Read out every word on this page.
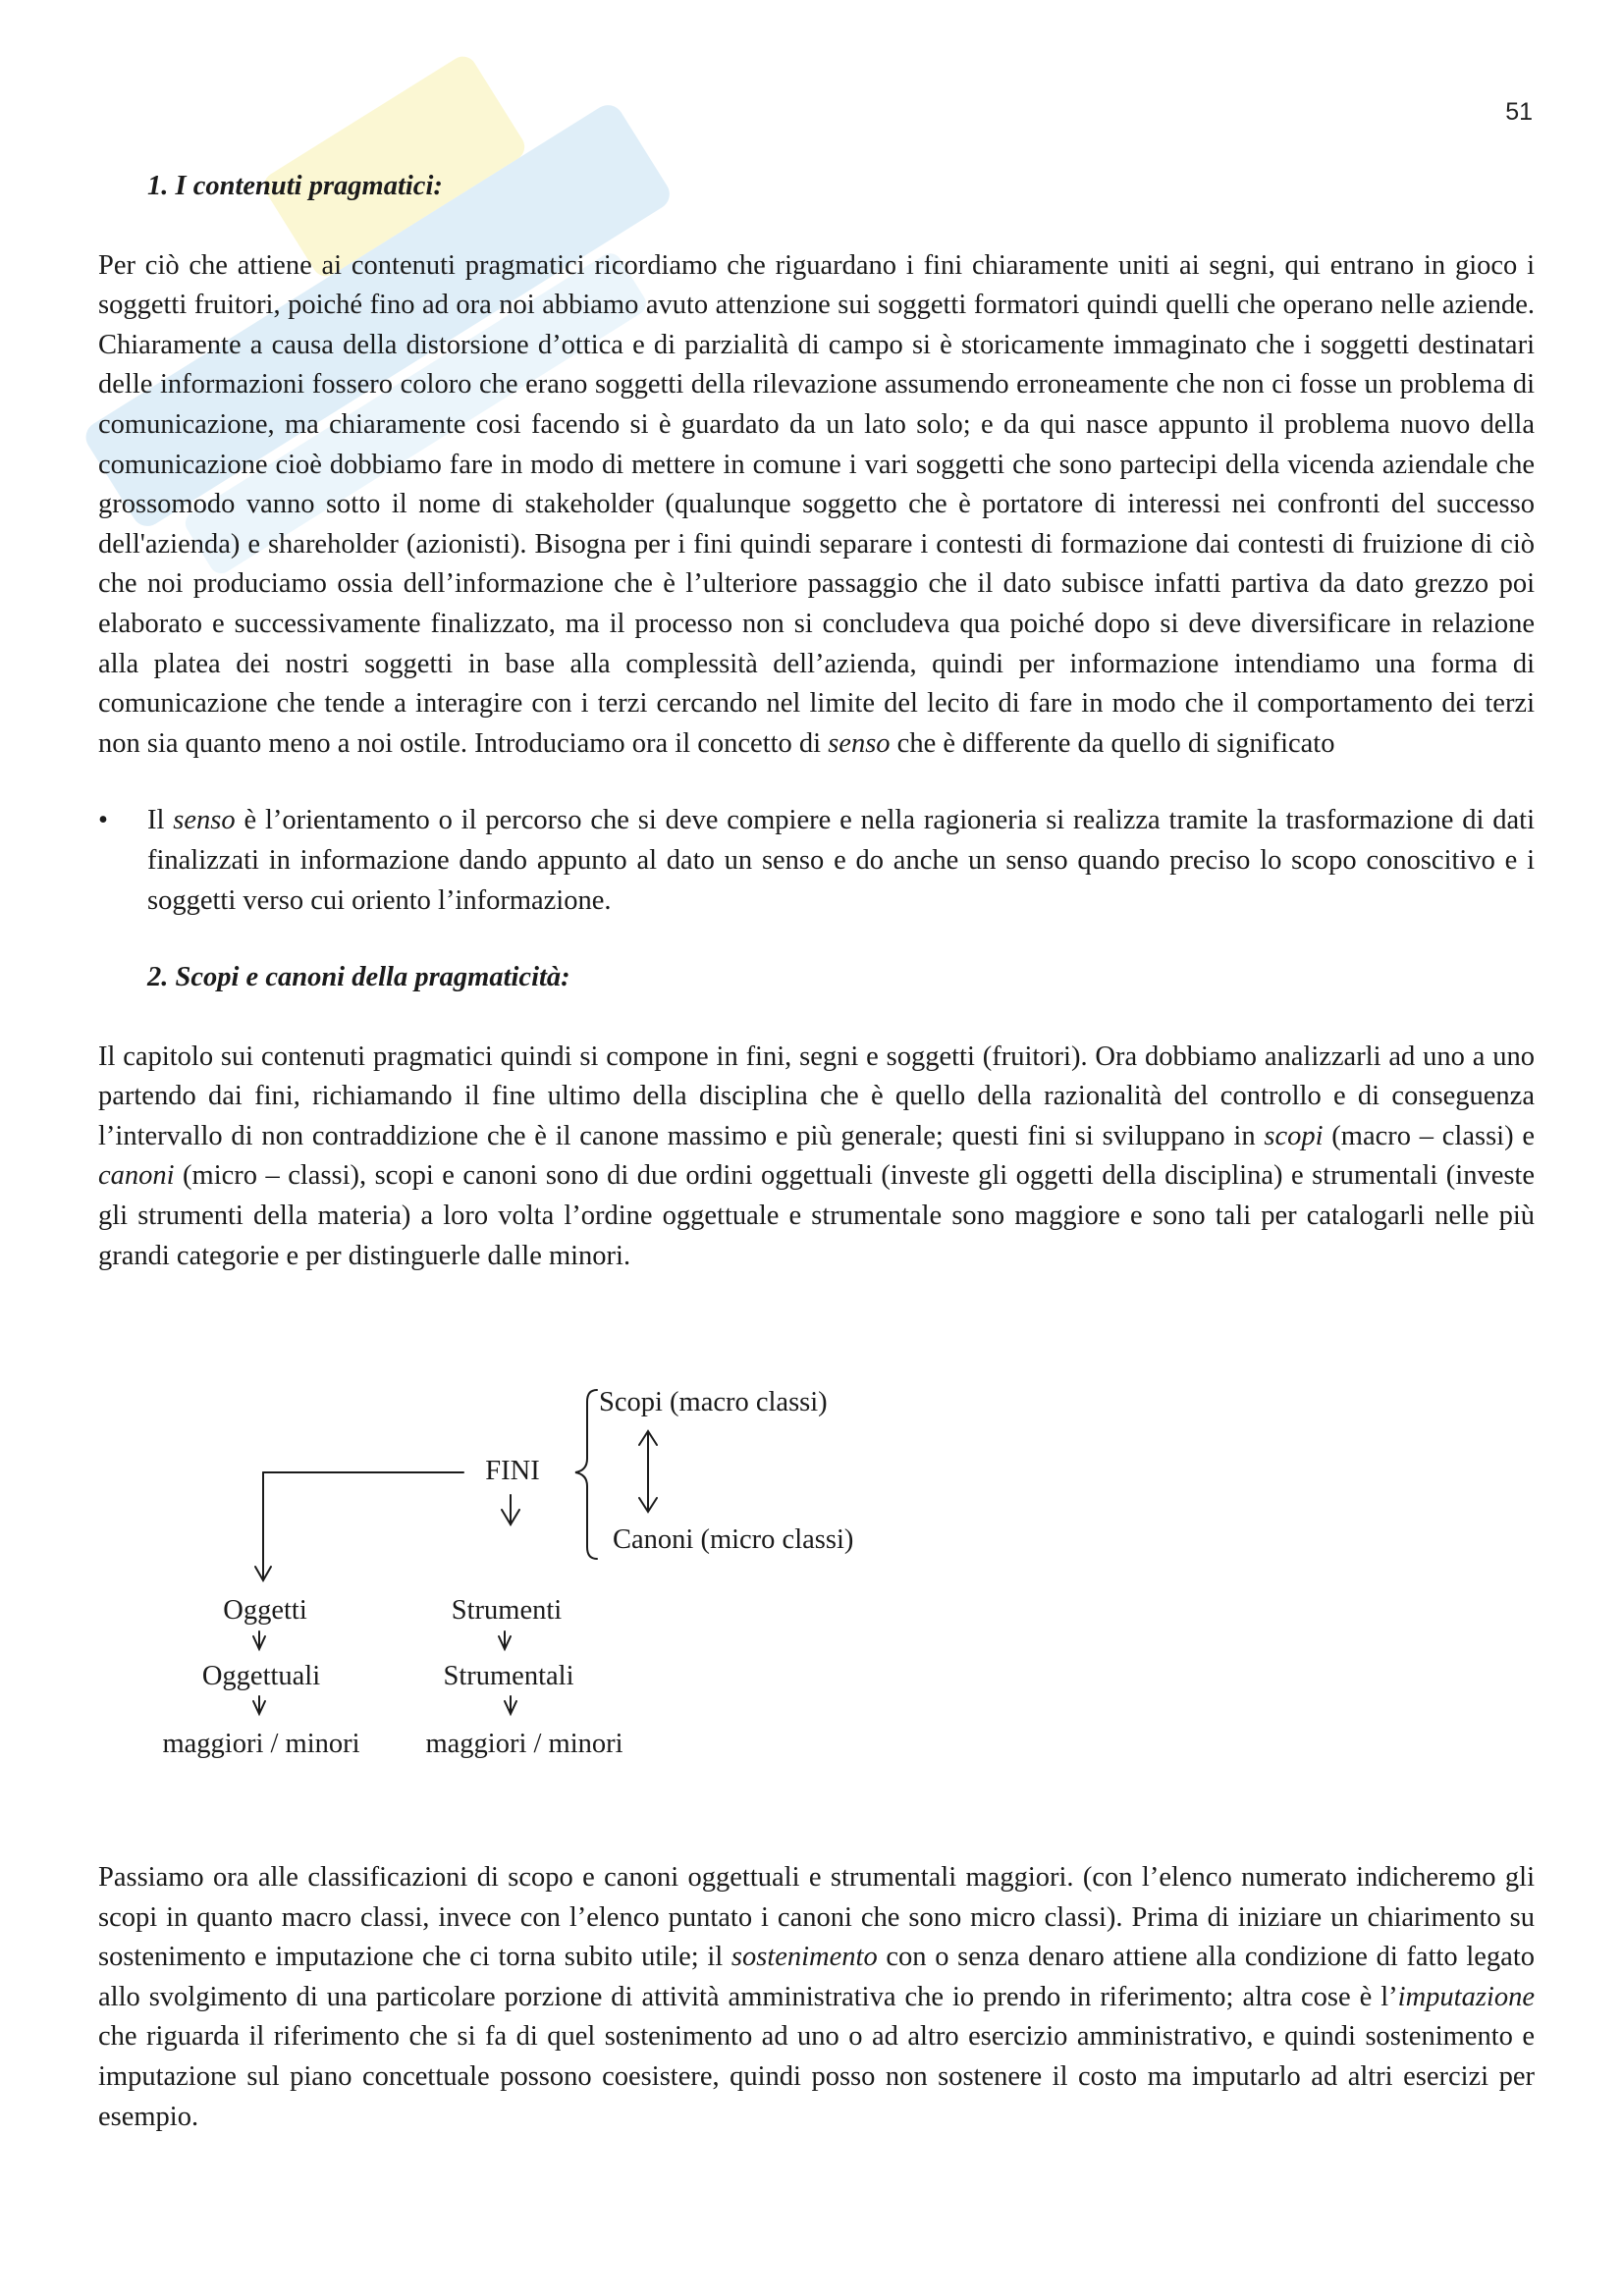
51
1. I contenuti pragmatici:

Per ciò che attiene ai contenuti pragmatici ricordiamo che riguardano i fini chiaramente uniti ai segni, qui entrano in gioco i soggetti fruitori, poiché fino ad ora noi abbiamo avuto attenzione sui soggetti formatori quindi quelli che operano nelle aziende. Chiaramente a causa della distorsione d’ottica e di parzialità di campo si è storicamente immaginato che i soggetti destinatari delle informazioni fossero coloro che erano soggetti della rilevazione assumendo erroneamente che non ci fosse un problema di comunicazione, ma chiaramente cosi facendo si è guardato da un lato solo; e da qui nasce appunto il problema nuovo della comunicazione cioè dobbiamo fare in modo di mettere in comune i vari soggetti che sono partecipi della vicenda aziendale che grossomodo vanno sotto il nome di stakeholder (qualunque soggetto che è portatore di interessi nei confronti del successo dell'azienda) e shareholder (azionisti). Bisogna per i fini quindi separare i contesti di formazione dai contesti di fruizione di ciò che noi produciamo ossia dell’informazione che è l’ulteriore passaggio che il dato subisce infatti partiva da dato grezzo poi elaborato e successivamente finalizzato, ma il processo non si concludeva qua poiché dopo si deve diversificare in relazione alla platea dei nostri soggetti in base alla complessità dell’azienda, quindi per informazione intendiamo una forma di comunicazione che tende a interagire con i terzi cercando nel limite del lecito di fare in modo che il comportamento dei terzi non sia quanto meno a noi ostile. Introduciamo ora il concetto di senso che è differente da quello di significato

• Il senso è l’orientamento o il percorso che si deve compiere e nella ragioneria si realizza tramite la trasformazione di dati finalizzati in informazione dando appunto al dato un senso e do anche un senso quando preciso lo scopo conoscitivo e i soggetti verso cui oriento l’informazione.
2. Scopi e canoni della pragmaticità:

Il capitolo sui contenuti pragmatici quindi si compone in fini, segni e soggetti (fruitori). Ora dobbiamo analizzarli ad uno a uno partendo dai fini, richiamando il fine ultimo della disciplina che è quello della razionalità del controllo e di conseguenza l’intervallo di non contraddizione che è il canone massimo e più generale; questi fini si sviluppano in scopi (macro – classi) e canoni (micro – classi), scopi e canoni sono di due ordini oggettuali (investe gli oggetti della disciplina) e strumentali (investe gli strumenti della materia) a loro volta l’ordine oggettuale e strumentale sono maggiore e sono tali per catalogarli nelle più grandi categorie e per distinguerle dalle minori.

FINI
Scopi (macro classi)
Canoni (micro classi)
Oggetti
Oggettuali
maggiori / minori
Strumenti
Strumentali
maggiori / minori

Passiamo ora alle classificazioni di scopo e canoni oggettuali e strumentali maggiori. (con l’elenco numerato indicheremo gli scopi in quanto macro classi, invece con l’elenco puntato i canoni che sono micro classi). Prima di iniziare un chiarimento su sostenimento e imputazione che ci torna subito utile; il sostenimento con o senza denaro attiene alla condizione di fatto legato allo svolgimento di una particolare porzione di attività amministrativa che io prendo in riferimento; altra cose è l’imputazione che riguarda il riferimento che si fa di quel sostenimento ad uno o ad altro esercizio amministrativo, e quindi sostenimento e imputazione sul piano concettuale possono coesistere, quindi posso non sostenere il costo ma imputarlo ad altri esercizi per esempio.
